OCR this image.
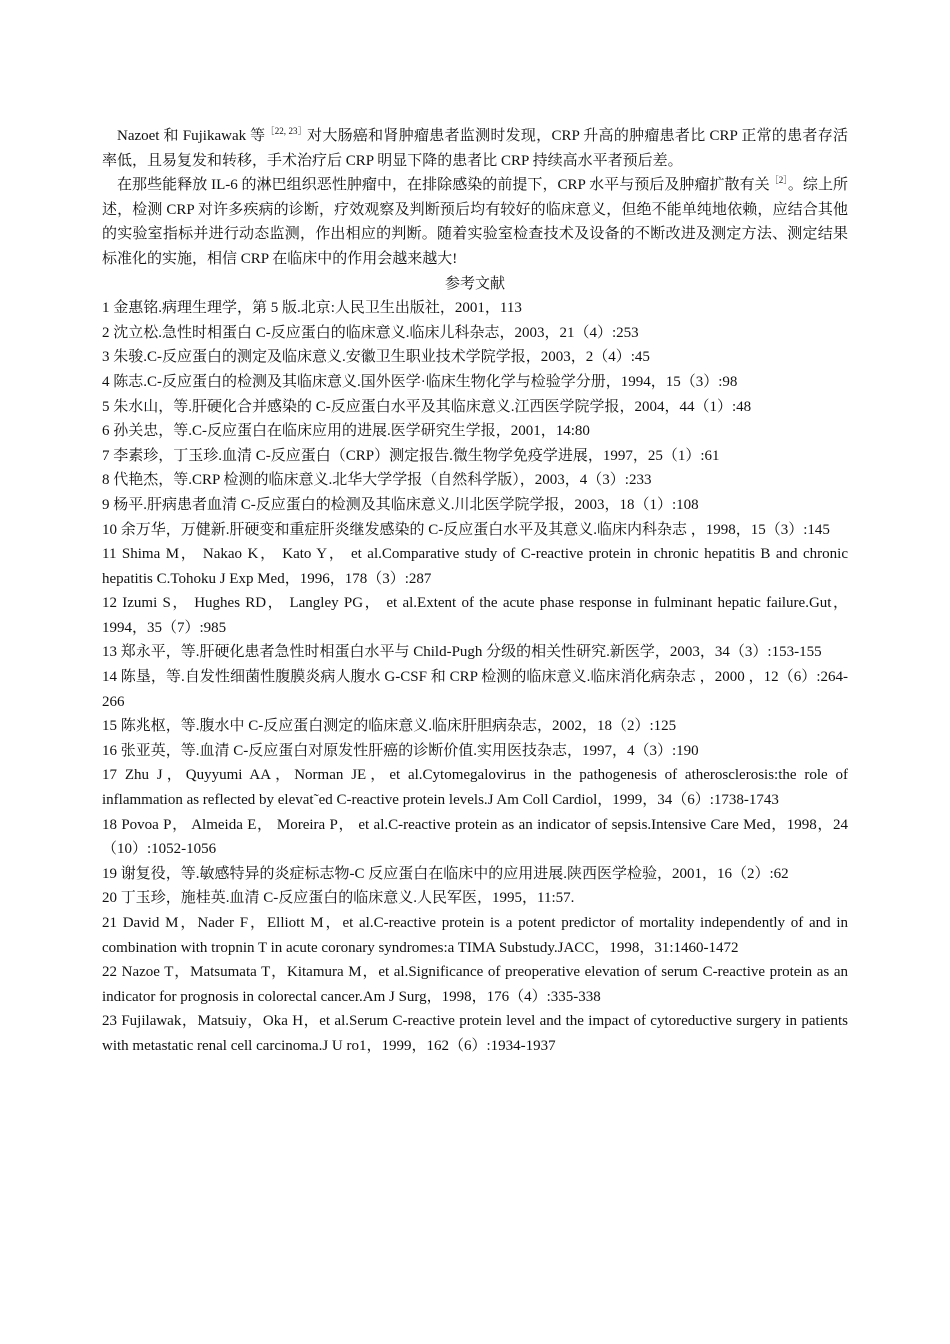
Nazoet 和 Fujikawak 等$^{[22, 23]}$对大肠癌和肾肿瘤患者监测时发现，CRP 升高的肿瘤患者比 CRP 正常的患者存活率低，且易复发和转移，手术治疗后 CRP 明显下降的患者比 CRP 持续高水平者预后差。

在那些能释放 IL-6 的淋巴组织恶性肿瘤中，在排除感染的前提下，CRP 水平与预后及肿瘤扩散有关$^{[2]}$。综上所述，检测 CRP 对许多疾病的诊断，疗效观察及判断预后均有较好的临床意义，但绝不能单纯地依赖，应结合其他的实验室指标并进行动态监测，作出相应的判断。随着实验室检查技术及设备的不断改进及测定方法、测定结果标准化的实施，相信 CRP 在临床中的作用会越来越大!

参考文献

1 金惠铭.病理生理学，第 5 版.北京:人民卫生出版社，2001，113

2 沈立松.急性时相蛋白 C-反应蛋白的临床意义.临床儿科杂志，2003，21（4）:253

3 朱骏.C-反应蛋白的测定及临床意义.安徽卫生职业技术学院学报，2003，2（4）:45

4 陈志.C-反应蛋白的检测及其临床意义.国外医学·临床生物化学与检验学分册，1994，15（3）:98

5 朱水山，等.肝硬化合并感染的 C-反应蛋白水平及其临床意义.江西医学院学报，2004，44（1）:48

6 孙关忠，等.C-反应蛋白在临床应用的进展.医学研究生学报，2001，14:80

7 李素珍，丁玉珍.血清 C-反应蛋白（CRP）测定报告.微生物学免疫学进展，1997，25（1）:61

8 代艳杰，等.CRP 检测的临床意义.北华大学学报（自然科学版），2003，4（3）:233

9 杨平.肝病患者血清 C-反应蛋白的检测及其临床意义.川北医学院学报，2003，18（1）:108

10 余万华，万健新.肝硬变和重症肝炎继发感染的 C-反应蛋白水平及其意义.临床内科杂志 ，1998，15（3）:145

11 Shima M， Nakao K， Kato Y， et al.Comparative study of C-reactive protein in chronic hepatitis B and chronic hepatitis C.Tohoku J Exp Med，1996，178（3）:287

12 Izumi S， Hughes RD， Langley PG， et al.Extent of the acute phase response in fulminant hepatic failure.Gut，1994，35（7）:985

13 郑永平，等.肝硬化患者急性时相蛋白水平与 Child-Pugh 分级的相关性研究.新医学，2003，34（3）:153-155

14 陈垦，等.自发性细菌性腹膜炎病人腹水 G-CSF 和 CRP 检测的临床意义.临床消化病杂志 ，2000 ，12（6）:264-266

15 陈兆枢，等.腹水中 C-反应蛋白测定的临床意义.临床肝胆病杂志，2002，18（2）:125

16 张亚英，等.血清 C-反应蛋白对原发性肝癌的诊断价值.实用医技杂志，1997，4（3）:190

17 Zhu J，Quyyumi AA，Norman JE，et al.Cytomegalovirus in the pathogenesis of atherosclerosis:the role of inflammation as reflected by elevat˜ed C-reactive protein levels.J Am Coll Cardiol，1999，34（6）:1738-1743

18 Povoa P， Almeida E， Moreira P， et al.C-reactive protein as an indicator of sepsis.Intensive Care Med，1998，24（10）:1052-1056

19 谢复役，等.敏感特异的炎症标志物-C 反应蛋白在临床中的应用进展.陕西医学检验，2001，16（2）:62

20 丁玉珍，施桂英.血清 C-反应蛋白的临床意义.人民军医，1995，11:57.

21 David M，Nader F，Elliott M，et al.C-reactive protein is a potent predictor of mortality independently of and in combination with tropnin T in acute coronary syndromes:a TIMA Substudy.JACC，1998，31:1460-1472

22 Nazoe T，Matsumata T，Kitamura M，et al.Significance of preoperative elevation of serum C-reactive protein as an indicator for prognosis in colorectal cancer.Am J Surg，1998，176（4）:335-338

23 Fujilawak，Matsuiy，Oka H，et al.Serum C-reactive protein level and the impact of cytoreductive surgery in patients with metastatic renal cell carcinoma.J U ro1，1999，162（6）:1934-1937
